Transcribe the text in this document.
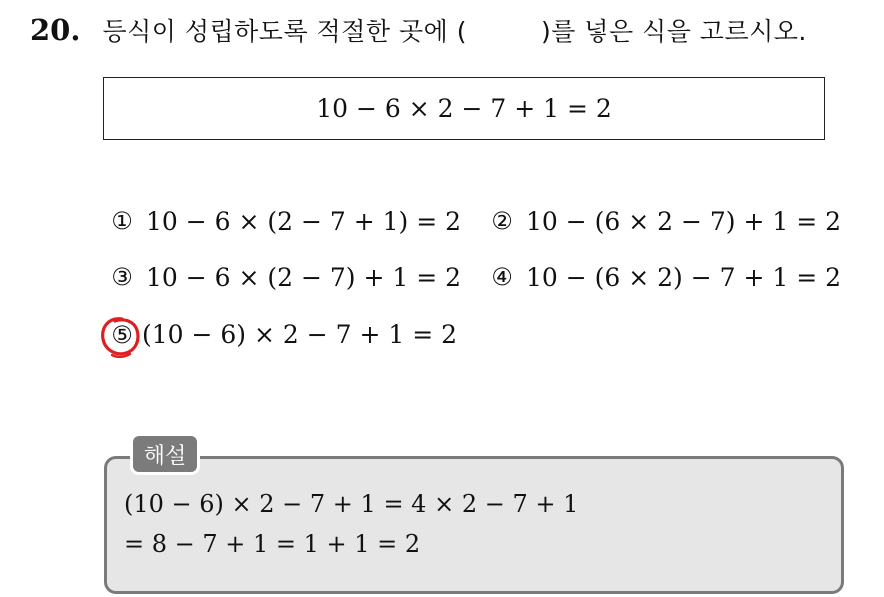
20. 등식이 성립하도록 적절한 곳에 (	)를 넣은 식을 고르시오.
10 − 6 × 2 − 7 + 1 = 2
① 10 − 6 × (2 − 7 + 1) = 2	② 10 − (6 × 2 − 7) + 1 = 2
③ 10 − 6 × (2 − 7) + 1 = 2	④ 10 − (6 × 2) − 7 + 1 = 2
⑤ (10 − 6) × 2 − 7 + 1 = 2
해설
(10 − 6) × 2 − 7 + 1 = 4 × 2 − 7 + 1
= 8 − 7 + 1 = 1 + 1 = 2
